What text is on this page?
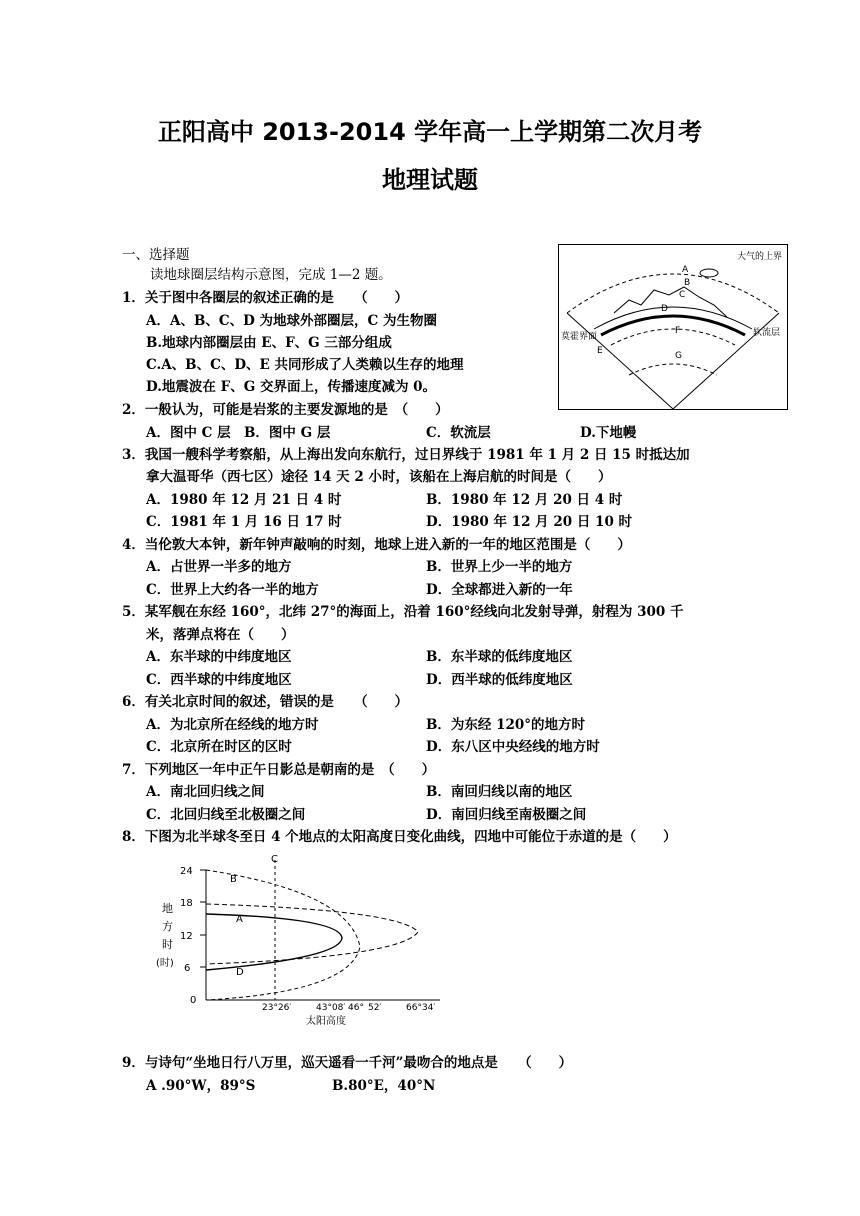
正阳高中 2013-2014 学年高一上学期第二次月考
地理试题
A
B
C
D
E
F
G
大气的上界
莫霍界面	软流层
一、选择题
读地球圈层结构示意图，完成 1—2 题。
1．关于图中各圈层的叙述正确的是　　（　　）
A．A、B、C、D 为地球外部圈层，C 为生物圈
B.地球内部圈层由 E、F、G 三部分组成
C.A、B、C、D、E 共同形成了人类赖以生存的地理
D.地震波在 F、G 交界面上，传播速度减为 0。
2．一般认为，可能是岩浆的主要发源地的是　（　　）
A．图中 C 层 B．图中 G 层	C．软流层	D.下地幔
3．我国一艘科学考察船，从上海出发向东航行，过日界线于 1981 年 1 月 2 日 15 时抵达加
拿大温哥华（西七区）途径 14 天 2 小时，该船在上海启航的时间是（　　）
A．1980 年 12 月 21 日 4 时	B．1980 年 12 月 20 日 4 时
C．1981 年 1 月 16 日 17 时	D．1980 年 12 月 20 日 10 时
4．当伦敦大本钟，新年钟声敲响的时刻，地球上进入新的一年的地区范围是（　　）
A．占世界一半多的地方	B．世界上少一半的地方
C．世界上大约各一半的地方	D．全球都进入新的一年
5．某军舰在东经 160°，北纬 27°的海面上，沿着 160°经线向北发射导弹，射程为 300 千
米，落弹点将在（　　）
A．东半球的中纬度地区	B．东半球的低纬度地区
C．西半球的中纬度地区	D．西半球的低纬度地区
6．有关北京时间的叙述，错误的是　　（　　）
A．为北京所在经线的地方时	B．为东经 120°的地方时
C．北京所在时区的区时	D．东八区中央经线的地方时
7．下列地区一年中正午日影总是朝南的是　（　　）
A．南北回归线之间	B．南回归线以南的地区
C．北回归线至北极圈之间	D．南回归线至南极圈之间
8．下图为北半球冬至日 4 个地点的太阳高度日变化曲线，四地中可能位于赤道的是（　　）
24
18
12
6
0
地
方
时
(时)
C
B
A
D
23°26′	43°08′ 46° 52′	66°34′
太阳高度
9．与诗句“坐地日行八万里，巡天遥看一千河”最吻合的地点是　　（　　）
A .90°W，89°S	B.80°E，40°N
